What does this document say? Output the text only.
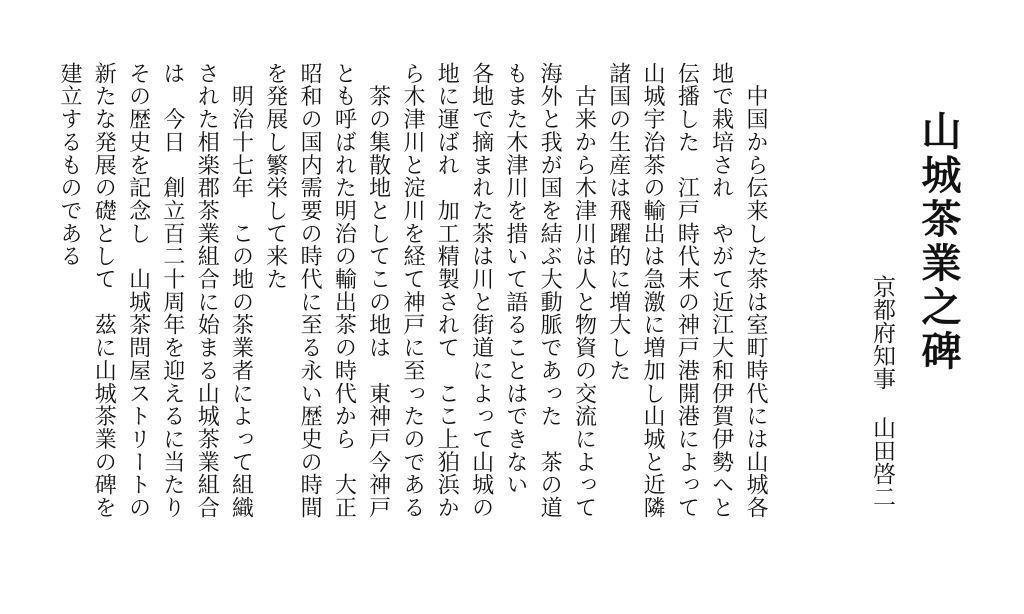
山城茶業之碑
京都府知事山田啓二
　中国から伝来した茶は室町時代には山城各
地で栽培され　やがて近江大和伊賀伊勢へと
伝播した　江戸時代末の神戸港開港によって
山城宇治茶の輸出は急激に増加し山城と近隣
諸国の生産は飛躍的に増大した
　古来から木津川は人と物資の交流によって
海外と我が国を結ぶ大動脈であった　茶の道
もまた木津川を措いて語ることはできない
各地で摘まれた茶は川と街道によって山城の
地に運ばれ　加工精製されて　ここ上狛浜か
ら木津川と淀川を経て神戸に至ったのである
　茶の集散地としてこの地は　東神戸今神戸
とも呼ばれた明治の輸出茶の時代から　大正
昭和の国内需要の時代に至る永い歴史の時間
を発展し繁栄して来た
　明治十七年　この地の茶業者によって組織
された相楽郡茶業組合に始まる山城茶業組合
は　今日　創立百二十周年を迎えるに当たり
その歴史を記念し　山城茶問屋ストリートの
新たな発展の礎として　茲に山城茶業の碑を
建立するものである
